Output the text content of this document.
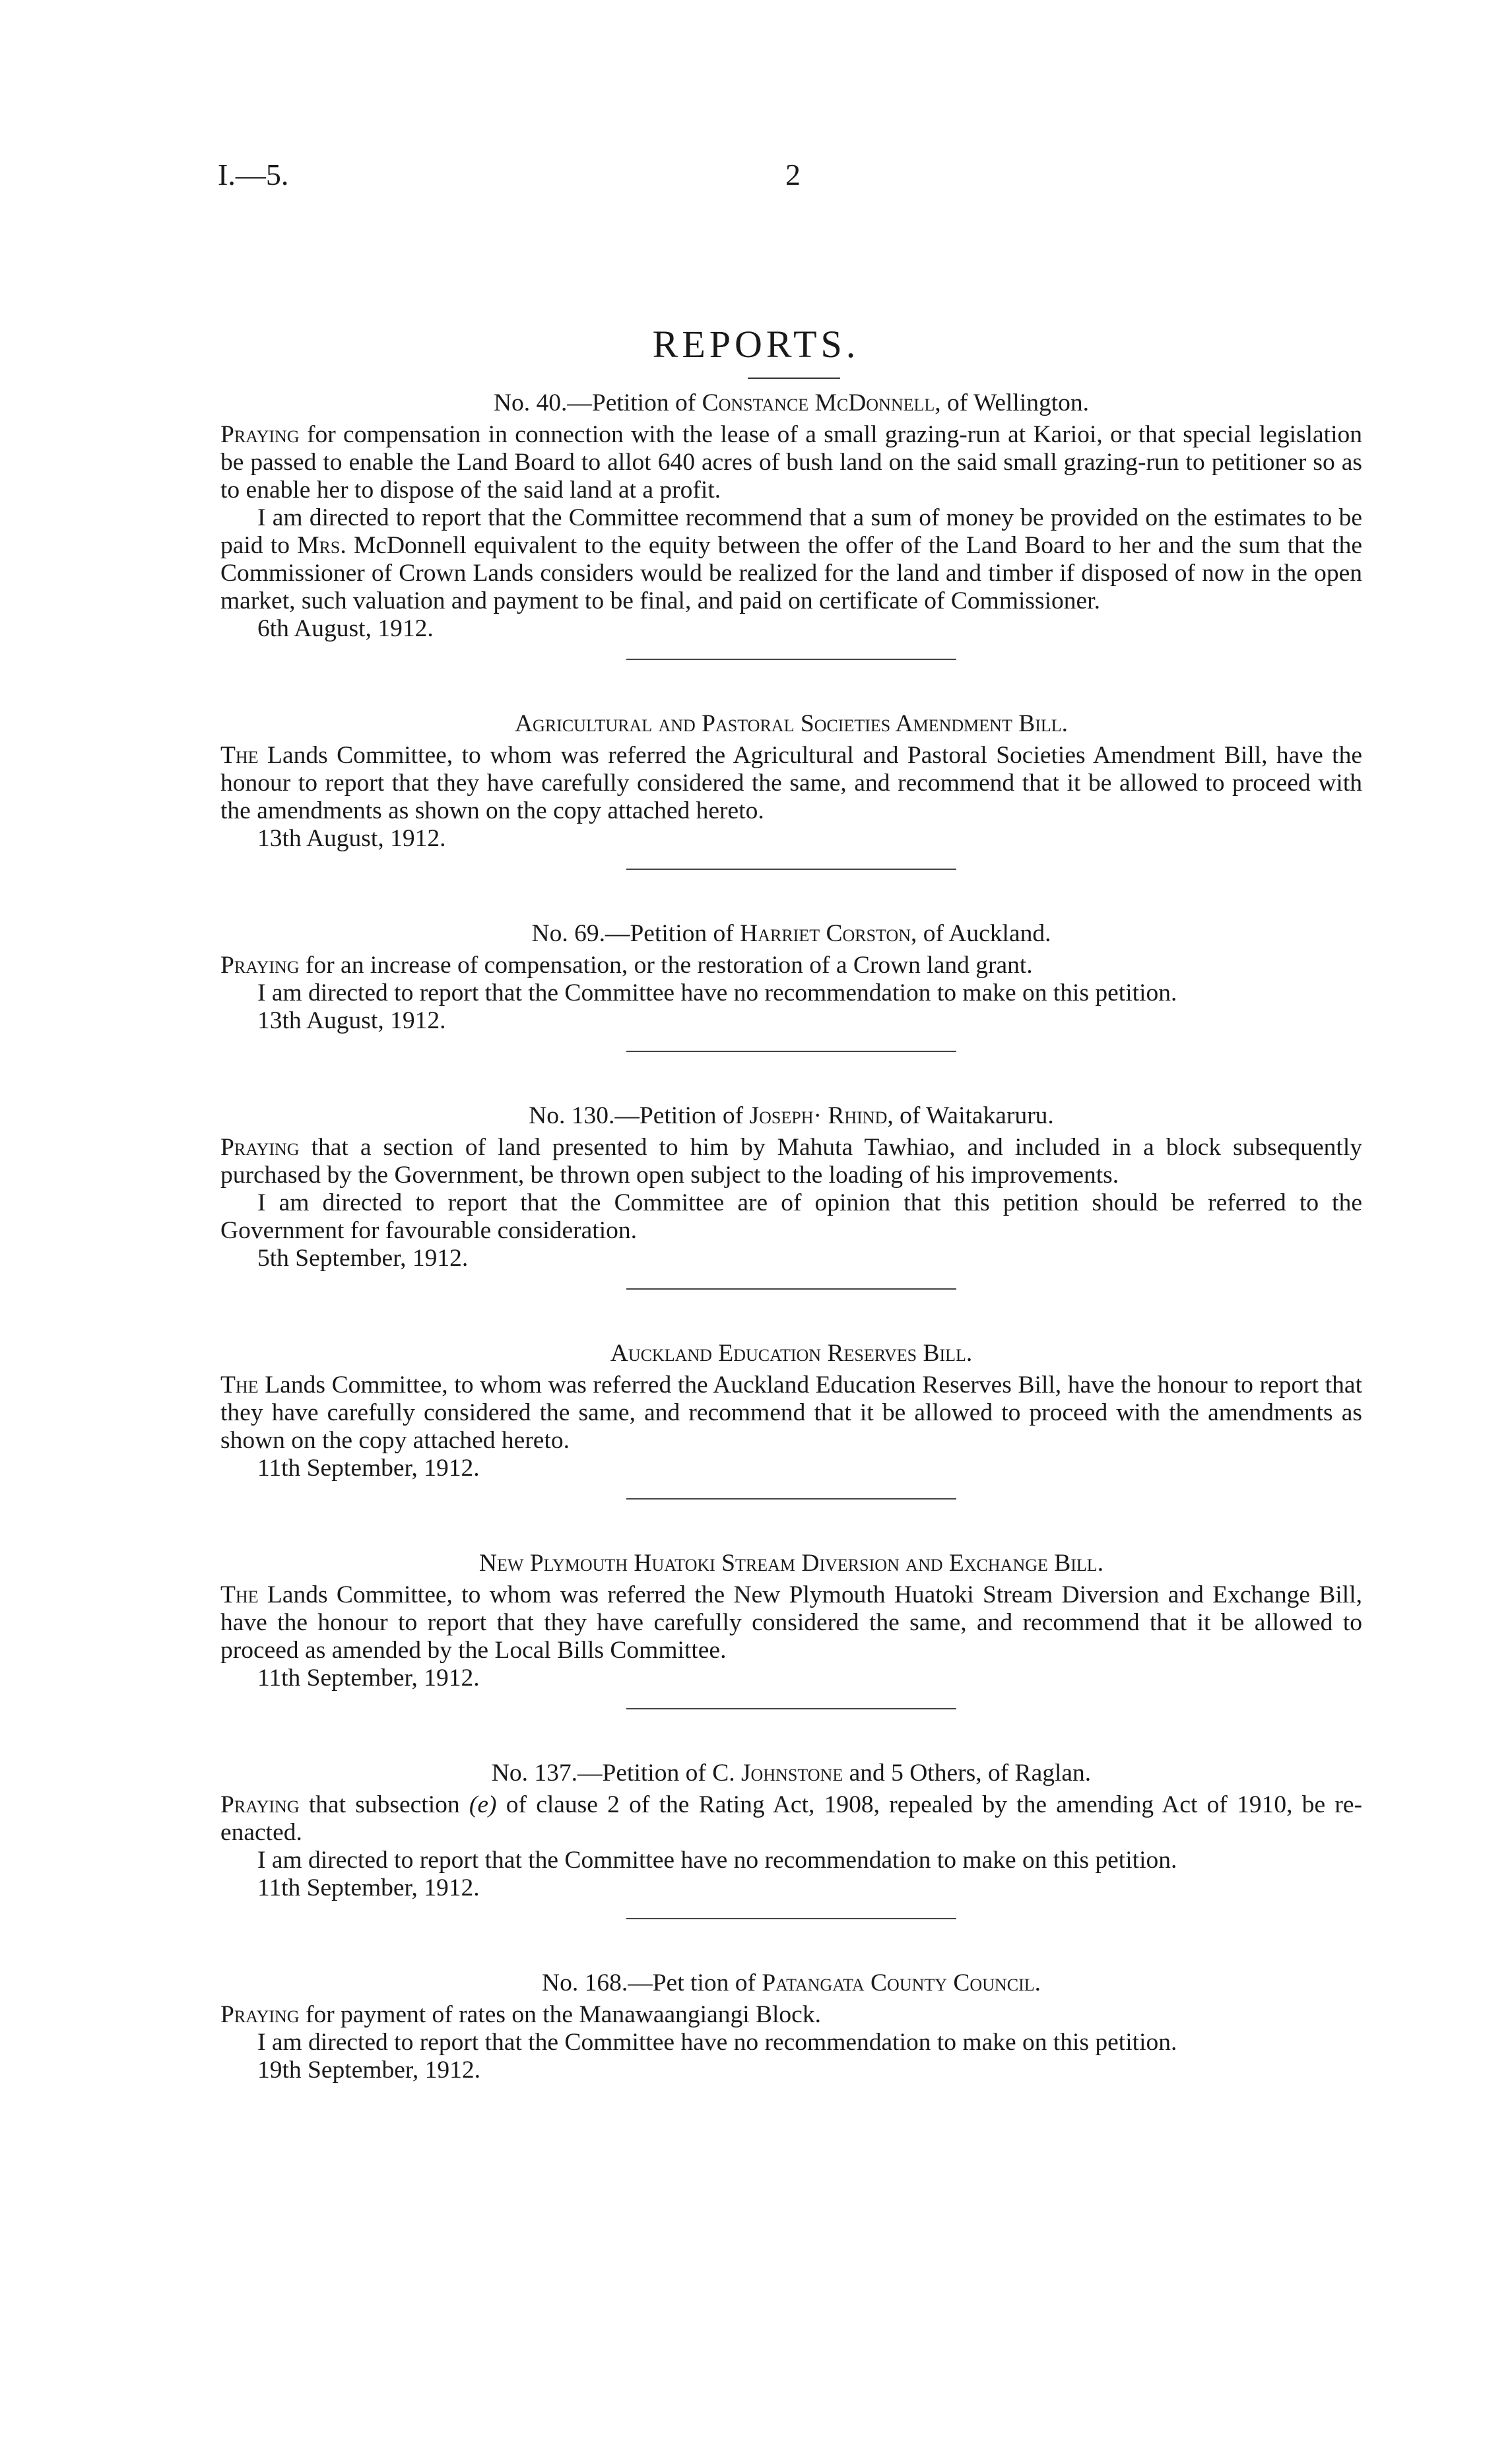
I.—5.	2
REPORTS.
No. 40.—Petition of Constance McDonnell, of Wellington.

Praying for compensation in connection with the lease of a small grazing-run at Karioi, or that special legislation be passed to enable the Land Board to allot 640 acres of bush land on the said small grazing-run to petitioner so as to enable her to dispose of the said land at a profit.

I am directed to report that the Committee recommend that a sum of money be provided on the estimates to be paid to Mrs. McDonnell equivalent to the equity between the offer of the Land Board to her and the sum that the Commissioner of Crown Lands considers would be realized for the land and timber if disposed of now in the open market, such valuation and payment to be final, and paid on certificate of Commissioner.

6th August, 1912.
Agricultural and Pastoral Societies Amendment Bill.

The Lands Committee, to whom was referred the Agricultural and Pastoral Societies Amendment Bill, have the honour to report that they have carefully considered the same, and recommend that it be allowed to proceed with the amendments as shown on the copy attached hereto.

13th August, 1912.
No. 69.—Petition of Harriet Corston, of Auckland.

Praying for an increase of compensation, or the restoration of a Crown land grant.

I am directed to report that the Committee have no recommendation to make on this petition.

13th August, 1912.
No. 130.—Petition of Joseph· Rhind, of Waitakaruru.

Praying that a section of land presented to him by Mahuta Tawhiao, and included in a block subsequently purchased by the Government, be thrown open subject to the loading of his improvements.

I am directed to report that the Committee are of opinion that this petition should be referred to the Government for favourable consideration.

5th September, 1912.
Auckland Education Reserves Bill.

The Lands Committee, to whom was referred the Auckland Education Reserves Bill, have the honour to report that they have carefully considered the same, and recommend that it be allowed to proceed with the amendments as shown on the copy attached hereto.

11th September, 1912.
New Plymouth Huatoki Stream Diversion and Exchange Bill.

The Lands Committee, to whom was referred the New Plymouth Huatoki Stream Diversion and Exchange Bill, have the honour to report that they have carefully considered the same, and recommend that it be allowed to proceed as amended by the Local Bills Committee.

11th September, 1912.
No. 137.—Petition of C. Johnstone and 5 Others, of Raglan.

Praying that subsection (e) of clause 2 of the Rating Act, 1908, repealed by the amending Act of 1910, be re-enacted.

I am directed to report that the Committee have no recommendation to make on this petition.

11th September, 1912.
No. 168.—Pet tion of Patangata County Council.

Praying for payment of rates on the Manawaangiangi Block.

I am directed to report that the Committee have no recommendation to make on this petition.

19th September, 1912.
